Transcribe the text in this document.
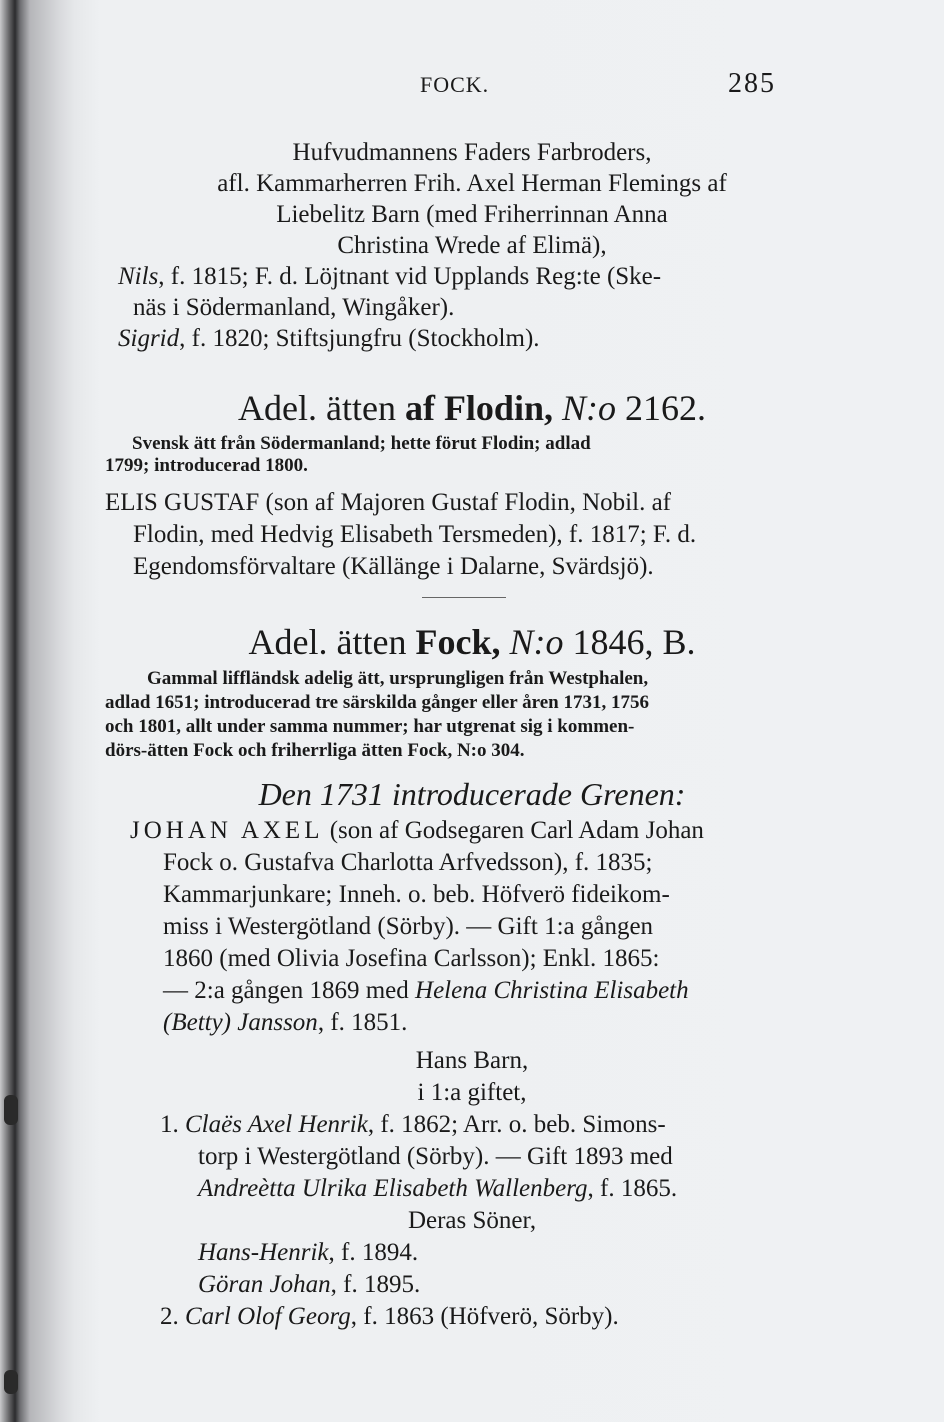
FOCK.	285
Hufvudmannens Faders Farbroders,
afl. Kammarherren Frih. Axel Herman Flemings af
Liebelitz Barn (med Friherrinnan Anna
Christina Wrede af Elimä),
Nils, f. 1815; F. d. Löjtnant vid Upplands Reg:te (Ske-
näs i Södermanland, Wingåker).
Sigrid, f. 1820; Stiftsjungfru (Stockholm).
Adel. ätten af Flodin, N:o 2162.
Svensk ätt från Södermanland; hette förut Flodin; adlad
1799; introducerad 1800.
ELIS GUSTAF (son af Majoren Gustaf Flodin, Nobil. af
Flodin, med Hedvig Elisabeth Tersmeden), f. 1817; F. d.
Egendomsförvaltare (Källänge i Dalarne, Svärdsjö).
Adel. ätten Fock, N:o 1846, B.
Gammal liffländsk adelig ätt, ursprungligen från Westphalen,
adlad 1651; introducerad tre särskilda gånger eller åren 1731, 1756
och 1801, allt under samma nummer; har utgrenat sig i kommen-
dörs-ätten Fock och friherrliga ätten Fock, N:o 304.
Den 1731 introducerade Grenen:
JOHAN AXEL (son af Godsegaren Carl Adam Johan
Fock o. Gustafva Charlotta Arfvedsson), f. 1835;
Kammarjunkare; Inneh. o. beb. Höfverö fideikom-
miss i Westergötland (Sörby). — Gift 1:a gången
1860 (med Olivia Josefina Carlsson); Enkl. 1865:
— 2:a gången 1869 med Helena Christina Elisabeth
(Betty) Jansson, f. 1851.
Hans Barn,
i 1:a giftet,
1. Claës Axel Henrik, f. 1862; Arr. o. beb. Simons-
torp i Westergötland (Sörby). — Gift 1893 med
Andreètta Ulrika Elisabeth Wallenberg, f. 1865.
Deras Söner,
Hans-Henrik, f. 1894.
Göran Johan, f. 1895.
2. Carl Olof Georg, f. 1863 (Höfverö, Sörby).
